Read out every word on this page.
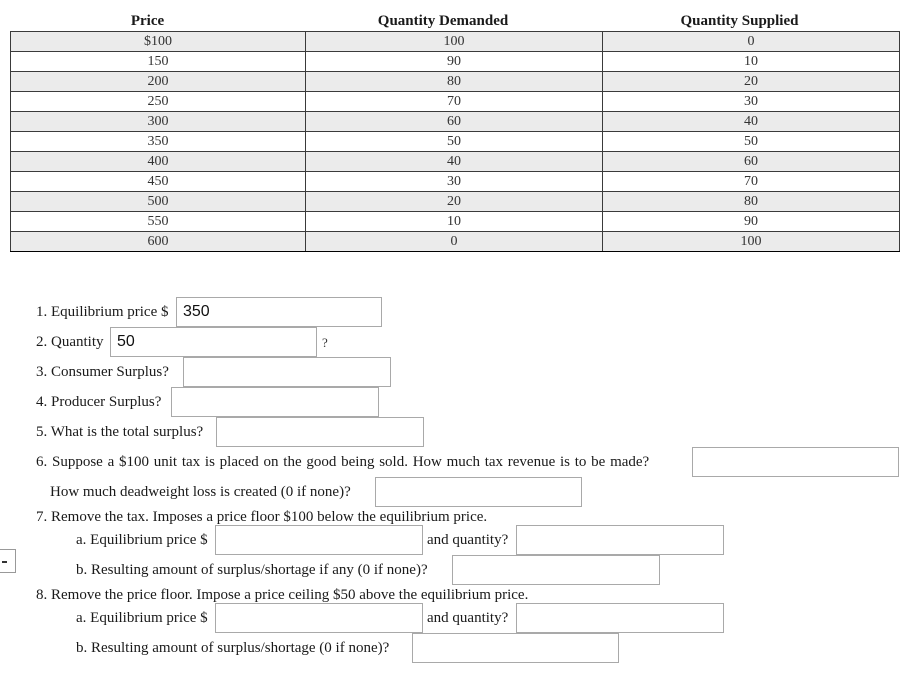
Price	Quantity Demanded	Quantity Supplied
$100	100	0
150	90	10
200	80	20
250	70	30
300	60	40
350	50	50
400	40	60
450	30	70
500	20	80
550	10	90
600	0	100
1. Equilibrium price $ 350
2. Quantity 50	?
3. Consumer Surplus?
4. Producer Surplus?
5. What is the total surplus?
6. Suppose a $100 unit tax is placed on the good being sold. How much tax revenue is to be made?
How much deadweight loss is created (0 if none)?
7. Remove the tax. Imposes a price floor $100 below the equilibrium price.
a. Equilibrium price $	and quantity?
b. Resulting amount of surplus/shortage if any (0 if none)?
8. Remove the price floor. Impose a price ceiling $50 above the equilibrium price.
a. Equilibrium price $	and quantity?
b. Resulting amount of surplus/shortage (0 if none)?
